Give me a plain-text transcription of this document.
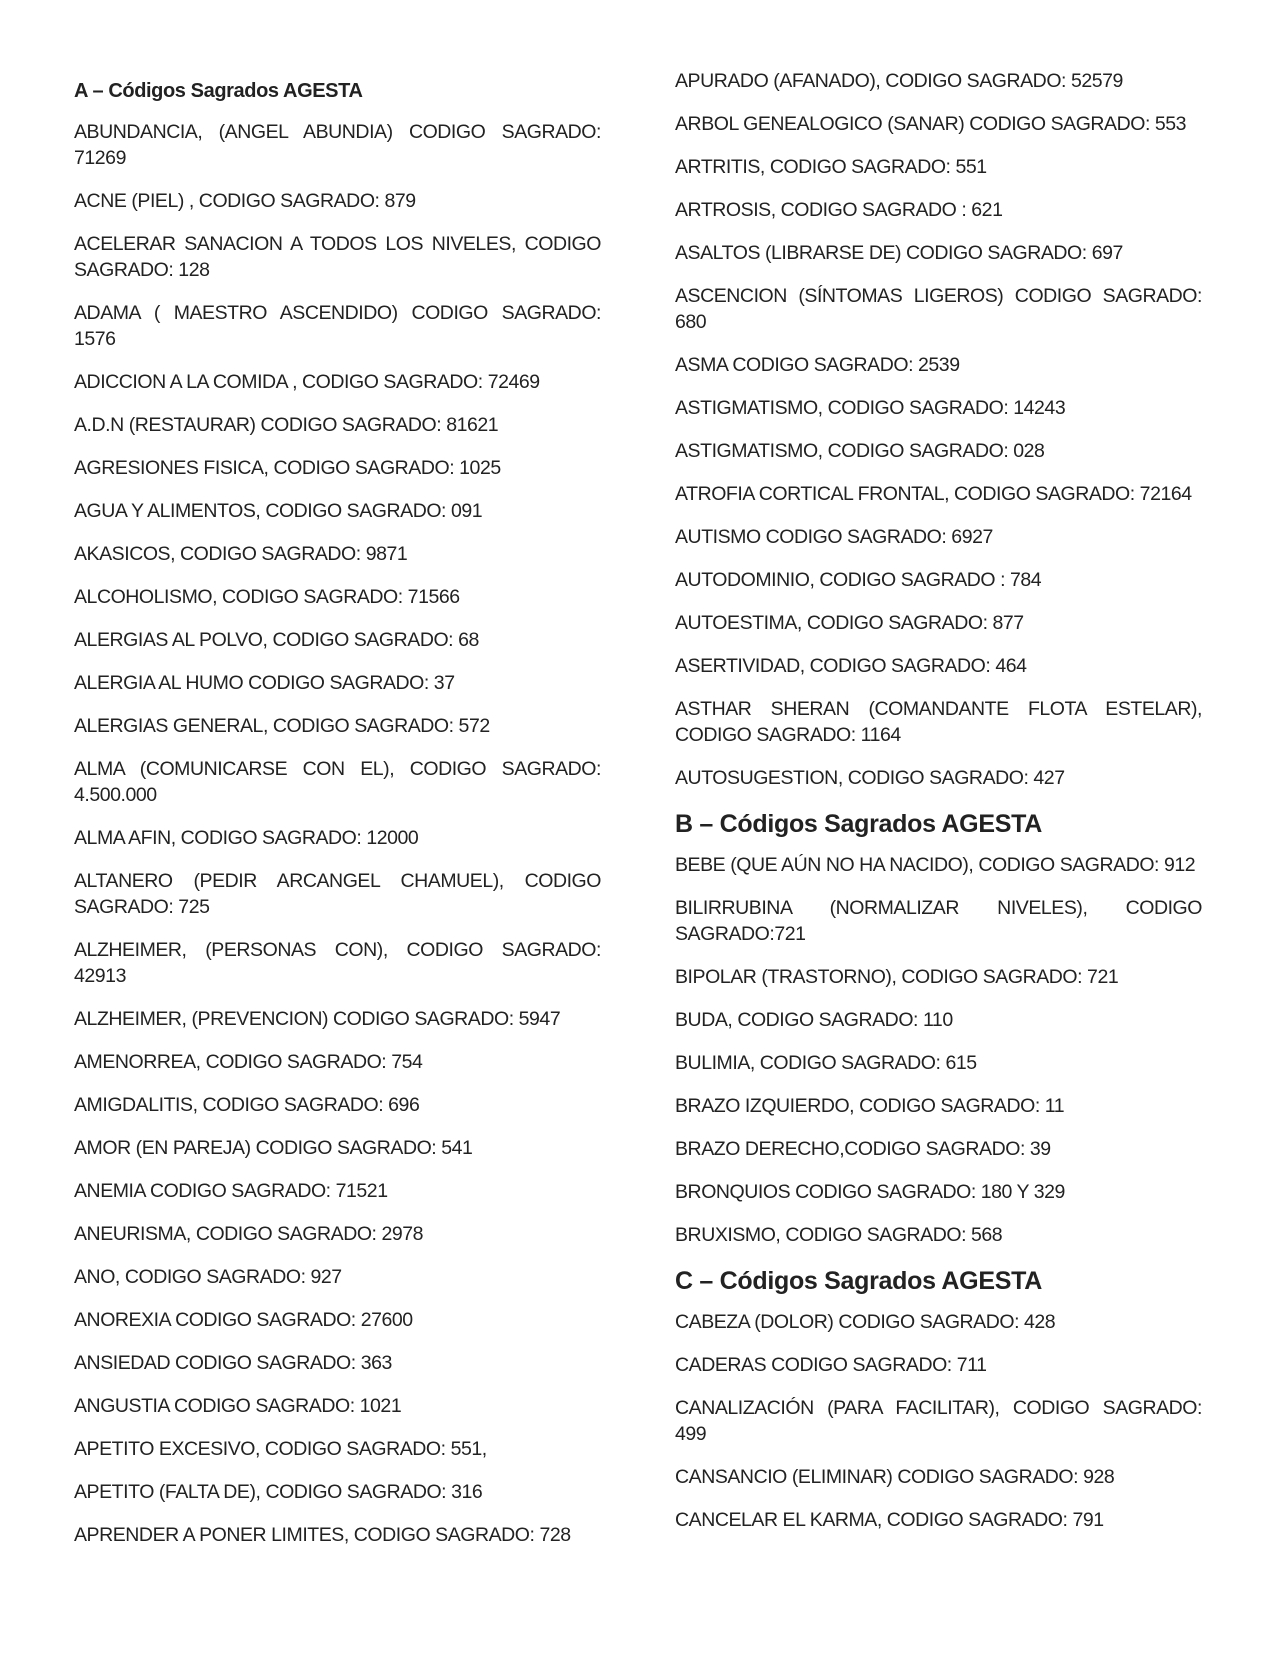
A – Códigos Sagrados AGESTA

ABUNDANCIA, (ANGEL ABUNDIA) CODIGO SAGRADO: 71269

ACNE (PIEL) , CODIGO SAGRADO: 879

ACELERAR SANACION A TODOS LOS NIVELES, CODIGO SAGRADO: 128

ADAMA ( MAESTRO ASCENDIDO) CODIGO SAGRADO: 1576

ADICCION A LA COMIDA , CODIGO SAGRADO: 72469

A.D.N (RESTAURAR) CODIGO SAGRADO: 81621

AGRESIONES FISICA, CODIGO SAGRADO: 1025

AGUA Y ALIMENTOS, CODIGO SAGRADO: 091

AKASICOS, CODIGO SAGRADO: 9871

ALCOHOLISMO, CODIGO SAGRADO: 71566

ALERGIAS AL POLVO, CODIGO SAGRADO: 68

ALERGIA AL HUMO CODIGO SAGRADO: 37

ALERGIAS GENERAL, CODIGO SAGRADO: 572

ALMA (COMUNICARSE CON EL), CODIGO SAGRADO: 4.500.000

ALMA AFIN, CODIGO SAGRADO: 12000

ALTANERO (PEDIR ARCANGEL CHAMUEL), CODIGO SAGRADO: 725

ALZHEIMER, (PERSONAS CON), CODIGO SAGRADO: 42913

ALZHEIMER, (PREVENCION) CODIGO SAGRADO: 5947

AMENORREA, CODIGO SAGRADO: 754

AMIGDALITIS, CODIGO SAGRADO: 696

AMOR (EN PAREJA) CODIGO SAGRADO: 541

ANEMIA CODIGO SAGRADO: 71521

ANEURISMA, CODIGO SAGRADO: 2978

ANO, CODIGO SAGRADO: 927

ANOREXIA CODIGO SAGRADO: 27600

ANSIEDAD CODIGO SAGRADO: 363

ANGUSTIA CODIGO SAGRADO: 1021

APETITO EXCESIVO, CODIGO SAGRADO: 551,

APETITO (FALTA DE), CODIGO SAGRADO: 316

APRENDER A PONER LIMITES, CODIGO SAGRADO: 728

APURADO (AFANADO), CODIGO SAGRADO: 52579

ARBOL GENEALOGICO (SANAR) CODIGO SAGRADO: 553

ARTRITIS, CODIGO SAGRADO: 551

ARTROSIS, CODIGO SAGRADO : 621

ASALTOS (LIBRARSE DE) CODIGO SAGRADO: 697

ASCENCION (SÍNTOMAS LIGEROS) CODIGO SAGRADO: 680

ASMA CODIGO SAGRADO: 2539

ASTIGMATISMO, CODIGO SAGRADO: 14243

ASTIGMATISMO, CODIGO SAGRADO: 028

ATROFIA CORTICAL FRONTAL, CODIGO SAGRADO: 72164

AUTISMO CODIGO SAGRADO: 6927

AUTODOMINIO, CODIGO SAGRADO : 784

AUTOESTIMA, CODIGO SAGRADO: 877

ASERTIVIDAD, CODIGO SAGRADO: 464

ASTHAR SHERAN (COMANDANTE FLOTA ESTELAR), CODIGO SAGRADO: 1164

AUTOSUGESTION, CODIGO SAGRADO: 427

B – Códigos Sagrados AGESTA

BEBE (QUE AÚN NO HA NACIDO), CODIGO SAGRADO: 912

BILIRRUBINA (NORMALIZAR NIVELES), CODIGO SAGRADO:721

BIPOLAR (TRASTORNO), CODIGO SAGRADO: 721

BUDA, CODIGO SAGRADO: 110

BULIMIA, CODIGO SAGRADO: 615

BRAZO IZQUIERDO, CODIGO SAGRADO: 11

BRAZO DERECHO,CODIGO SAGRADO: 39

BRONQUIOS CODIGO SAGRADO: 180 Y 329

BRUXISMO, CODIGO SAGRADO: 568

C – Códigos Sagrados AGESTA

CABEZA (DOLOR) CODIGO SAGRADO: 428

CADERAS CODIGO SAGRADO: 711

CANALIZACIÓN (PARA FACILITAR), CODIGO SAGRADO: 499

CANSANCIO (ELIMINAR) CODIGO SAGRADO: 928

CANCELAR EL KARMA, CODIGO SAGRADO: 791
